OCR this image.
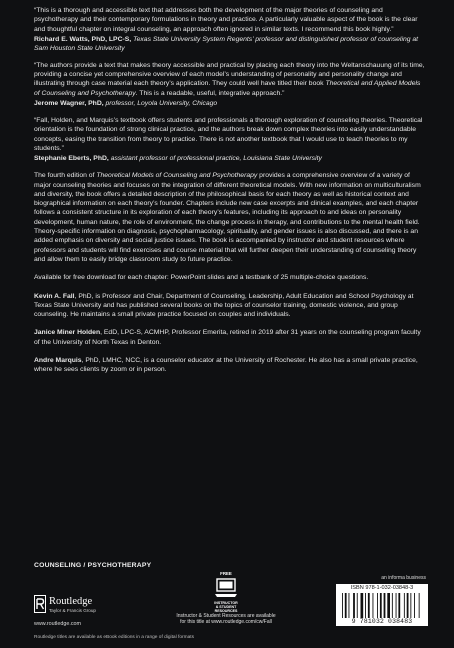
“This is a thorough and accessible text that addresses both the development of the major theories of counseling and psychotherapy and their contemporary formulations in theory and practice. A particularly valuable aspect of the book is the clear and thoughtful chapter on integral counseling, an approach often ignored in similar texts. I recommend this book highly.”

Richard E. Watts, PhD, LPC-S, Texas State University System Regents’ professor and distinguished professor of counseling at Sam Houston State University

“The authors provide a text that makes theory accessible and practical by placing each theory into the Weltanschauung of its time, providing a concise yet comprehensive overview of each model’s understanding of personality and personality change and illustrating through case material each theory’s application. They could well have titled their book Theoretical and Applied Models of Counseling and Psychotherapy. This is a readable, useful, integrative approach.”

Jerome Wagner, PhD, professor, Loyola University, Chicago

“Fall, Holden, and Marquis’s textbook offers students and professionals a thorough exploration of counseling theories. Theoretical orientation is the foundation of strong clinical practice, and the authors break down complex theories into easily understandable concepts, easing the transition from theory to practice. There is not another textbook that I would use to teach theories to my students.”

Stephanie Eberts, PhD, assistant professor of professional practice, Louisiana State University

The fourth edition of Theoretical Models of Counseling and Psychotherapy provides a comprehensive overview of a variety of major counseling theories and focuses on the integration of different theoretical models. With new information on multiculturalism and diversity, the book offers a detailed description of the philosophical basis for each theory as well as historical context and biographical information on each theory’s founder. Chapters include new case excerpts and clinical examples, and each chapter follows a consistent structure in its exploration of each theory’s features, including its approach to and ideas on personality development, human nature, the role of environment, the change process in therapy, and contributions to the mental health field. Theory-specific information on diagnosis, psychopharmacology, spirituality, and gender issues is also discussed, and there is an added emphasis on diversity and social justice issues. The book is accompanied by instructor and student resources where professors and students will find exercises and course material that will further deepen their understanding of counseling theory and allow them to easily bridge classroom study to future practice.

Available for free download for each chapter: PowerPoint slides and a testbank of 25 multiple-choice questions.

Kevin A. Fall, PhD, is Professor and Chair, Department of Counseling, Leadership, Adult Education and School Psychology at Texas State University and has published several books on the topics of counselor training, domestic violence, and group counseling. He maintains a small private practice focused on couples and individuals.

Janice Miner Holden, EdD, LPC-S, ACMHP, Professor Emerita, retired in 2019 after 31 years on the counseling program faculty of the University of North Texas in Denton.

Andre Marquis, PhD, LMHC, NCC, is a counselor educator at the University of Rochester. He also has a small private practice, where he sees clients by zoom or in person.

COUNSELING / PSYCHOTHERAPY
Routledge
Taylor & Francis Group
www.routledge.com
FREE
INSTRUCTOR
& STUDENT
RESOURCES
Instructor & Student Resources are available
for this title at www.routledge.com/cw/Fall
an informa business
ISBN 978-1-032-03848-3
9 781032 038483
Routledge titles are available as eBook editions in a range of digital formats
